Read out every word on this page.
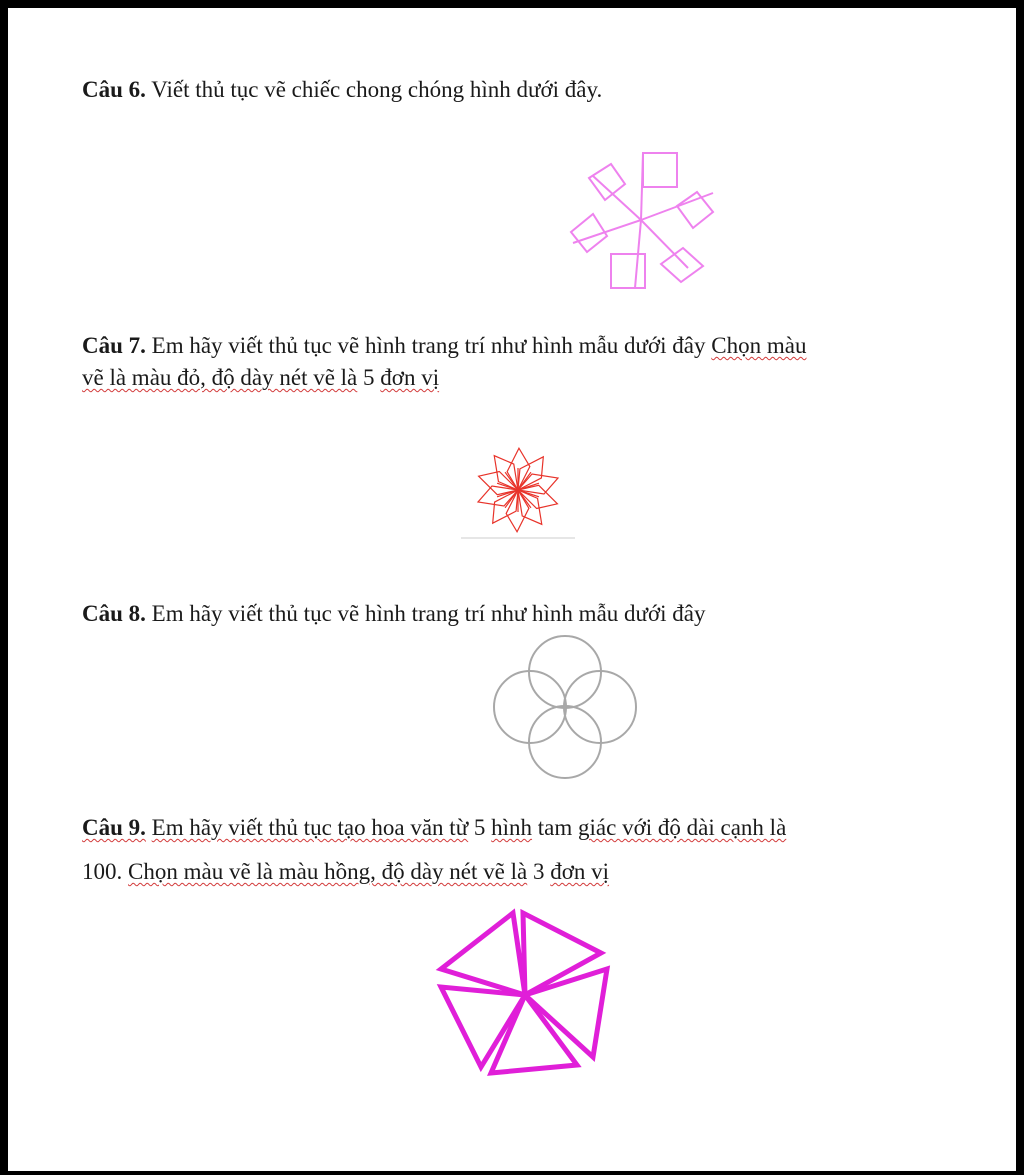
Câu 6. Viết thủ tục vẽ chiếc chong chóng hình dưới đây.

Câu 7. Em hãy viết thủ tục vẽ hình trang trí như hình mẫu dưới đây Chọn màu
vẽ là màu đỏ, độ dày nét vẽ là 5 đơn vị

Câu 8. Em hãy viết thủ tục vẽ hình trang trí như hình mẫu dưới đây

Câu 9. Em hãy viết thủ tục tạo hoa văn từ 5 hình tam giác với độ dài cạnh là
100. Chọn màu vẽ là màu hồng, độ dày nét vẽ là 3 đơn vị
